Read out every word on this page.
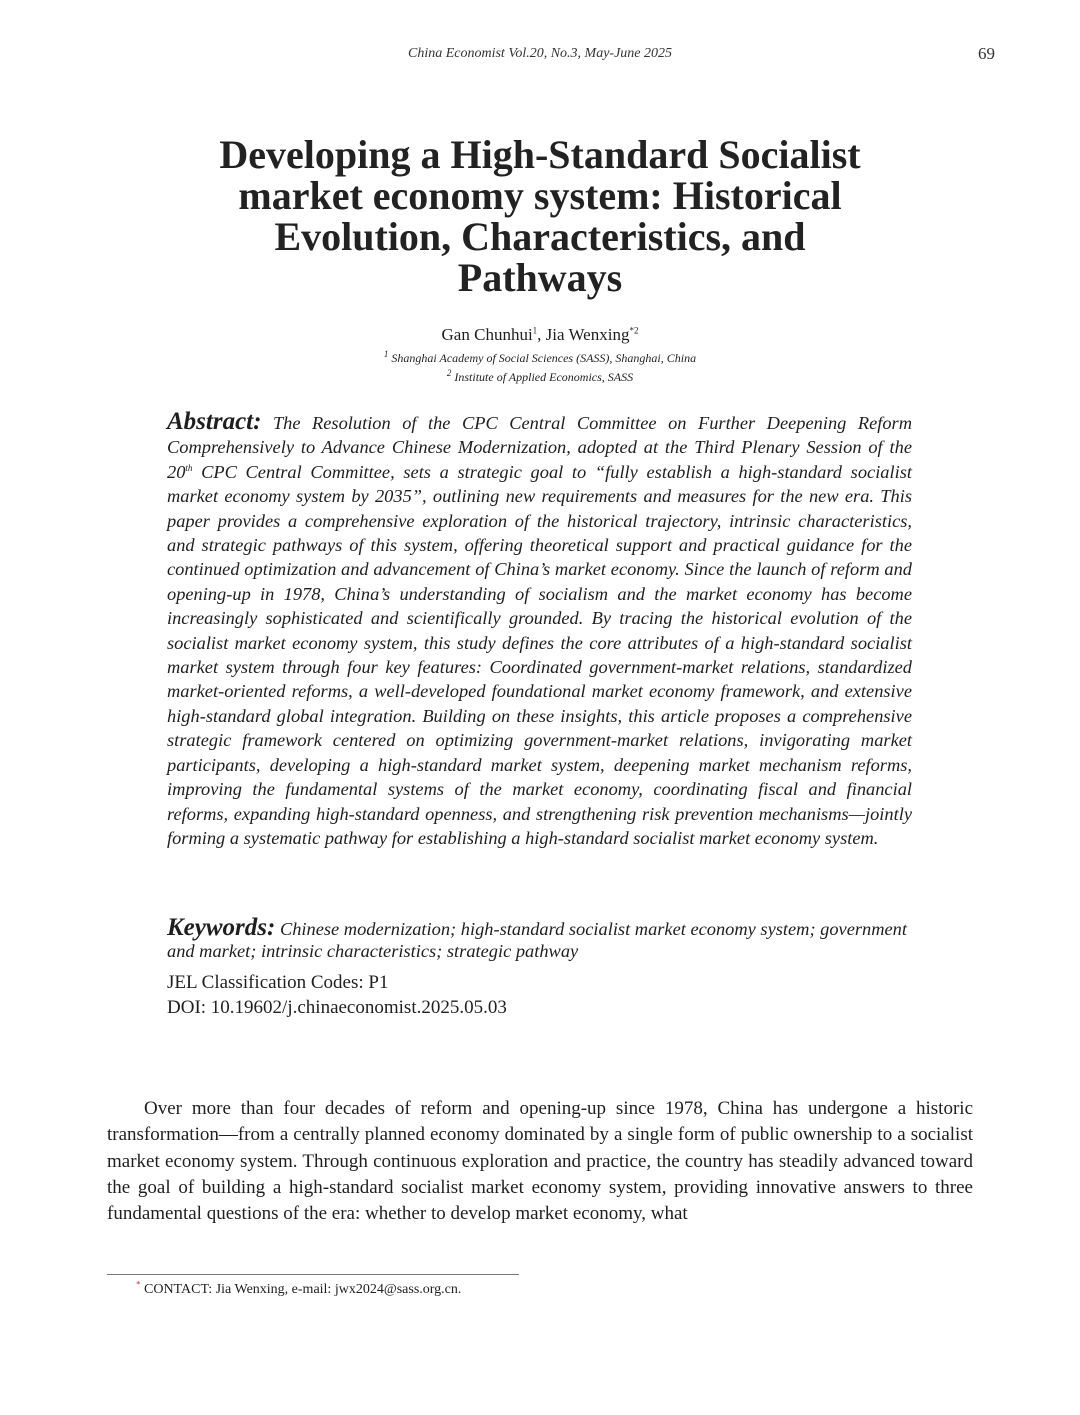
China Economist Vol.20, No.3, May-June 2025	69
Developing a High-Standard Socialist
market economy system: Historical
Evolution, Characteristics, and
Pathways
Gan Chunhui$^1$, Jia Wenxing$^{*2}$
$^1$ Shanghai Academy of Social Sciences (SASS), Shanghai, China
$^2$ Institute of Applied Economics, SASS
Abstract: The Resolution of the CPC Central Committee on Further Deepening Reform Comprehensively to Advance Chinese Modernization, adopted at the Third Plenary Session of the 20th CPC Central Committee, sets a strategic goal to “fully establish a high-standard socialist market economy system by 2035”, outlining new requirements and measures for the new era. This paper provides a comprehensive exploration of the historical trajectory, intrinsic characteristics, and strategic pathways of this system, offering theoretical support and practical guidance for the continued optimization and advancement of China’s market economy. Since the launch of reform and opening-up in 1978, China’s understanding of socialism and the market economy has become increasingly sophisticated and scientifically grounded. By tracing the historical evolution of the socialist market economy system, this study defines the core attributes of a high-standard socialist market system through four key features: Coordinated government-market relations, standardized market-oriented reforms, a well-developed foundational market economy framework, and extensive high-standard global integration. Building on these insights, this article proposes a comprehensive strategic framework centered on optimizing government-market relations, invigorating market participants, developing a high-standard market system, deepening market mechanism reforms, improving the fundamental systems of the market economy, coordinating fiscal and financial reforms, expanding high-standard openness, and strengthening risk prevention mechanisms—jointly forming a systematic pathway for establishing a high-standard socialist market economy system.
Keywords: Chinese modernization; high-standard socialist market economy system; government and market; intrinsic characteristics; strategic pathway
JEL Classification Codes: P1
DOI: 10.19602/j.chinaeconomist.2025.05.03

Over more than four decades of reform and opening-up since 1978, China has undergone a historic transformation—from a centrally planned economy dominated by a single form of public ownership to a socialist market economy system. Through continuous exploration and practice, the country has steadily advanced toward the goal of building a high-standard socialist market economy system, providing innovative answers to three fundamental questions of the era: whether to develop market economy, what

* CONTACT: Jia Wenxing, e-mail: jwx2024@sass.org.cn.
